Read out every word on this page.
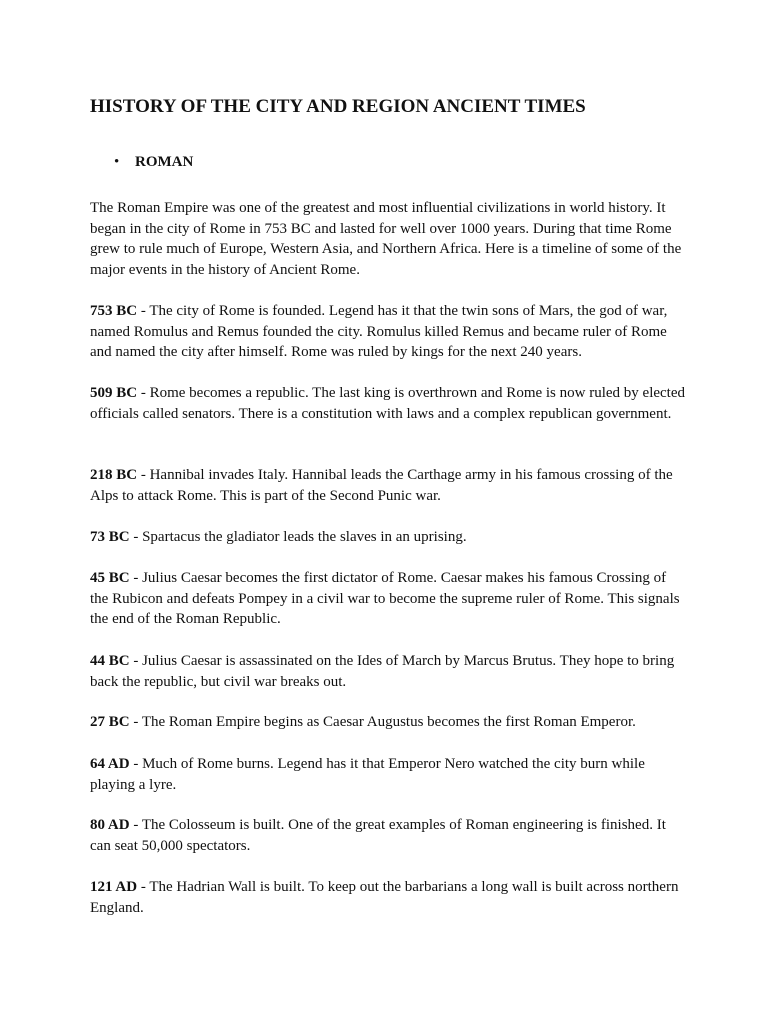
HISTORY OF THE CITY AND REGION ANCIENT TIMES
• ROMAN

The Roman Empire was one of the greatest and most influential civilizations in world history. It began in the city of Rome in 753 BC and lasted for well over 1000 years. During that time Rome grew to rule much of Europe, Western Asia, and Northern Africa. Here is a timeline of some of the major events in the history of Ancient Rome.

753 BC - The city of Rome is founded. Legend has it that the twin sons of Mars, the god of war, named Romulus and Remus founded the city. Romulus killed Remus and became ruler of Rome and named the city after himself. Rome was ruled by kings for the next 240 years.

509 BC - Rome becomes a republic. The last king is overthrown and Rome is now ruled by elected officials called senators. There is a constitution with laws and a complex republican government.

218 BC - Hannibal invades Italy. Hannibal leads the Carthage army in his famous crossing of the Alps to attack Rome. This is part of the Second Punic war.

73 BC - Spartacus the gladiator leads the slaves in an uprising.

45 BC - Julius Caesar becomes the first dictator of Rome. Caesar makes his famous Crossing of the Rubicon and defeats Pompey in a civil war to become the supreme ruler of Rome. This signals the end of the Roman Republic.

44 BC - Julius Caesar is assassinated on the Ides of March by Marcus Brutus. They hope to bring back the republic, but civil war breaks out.

27 BC - The Roman Empire begins as Caesar Augustus becomes the first Roman Emperor.

64 AD - Much of Rome burns. Legend has it that Emperor Nero watched the city burn while playing a lyre.

80 AD - The Colosseum is built. One of the great examples of Roman engineering is finished. It can seat 50,000 spectators.

121 AD - The Hadrian Wall is built. To keep out the barbarians a long wall is built across northern England.
